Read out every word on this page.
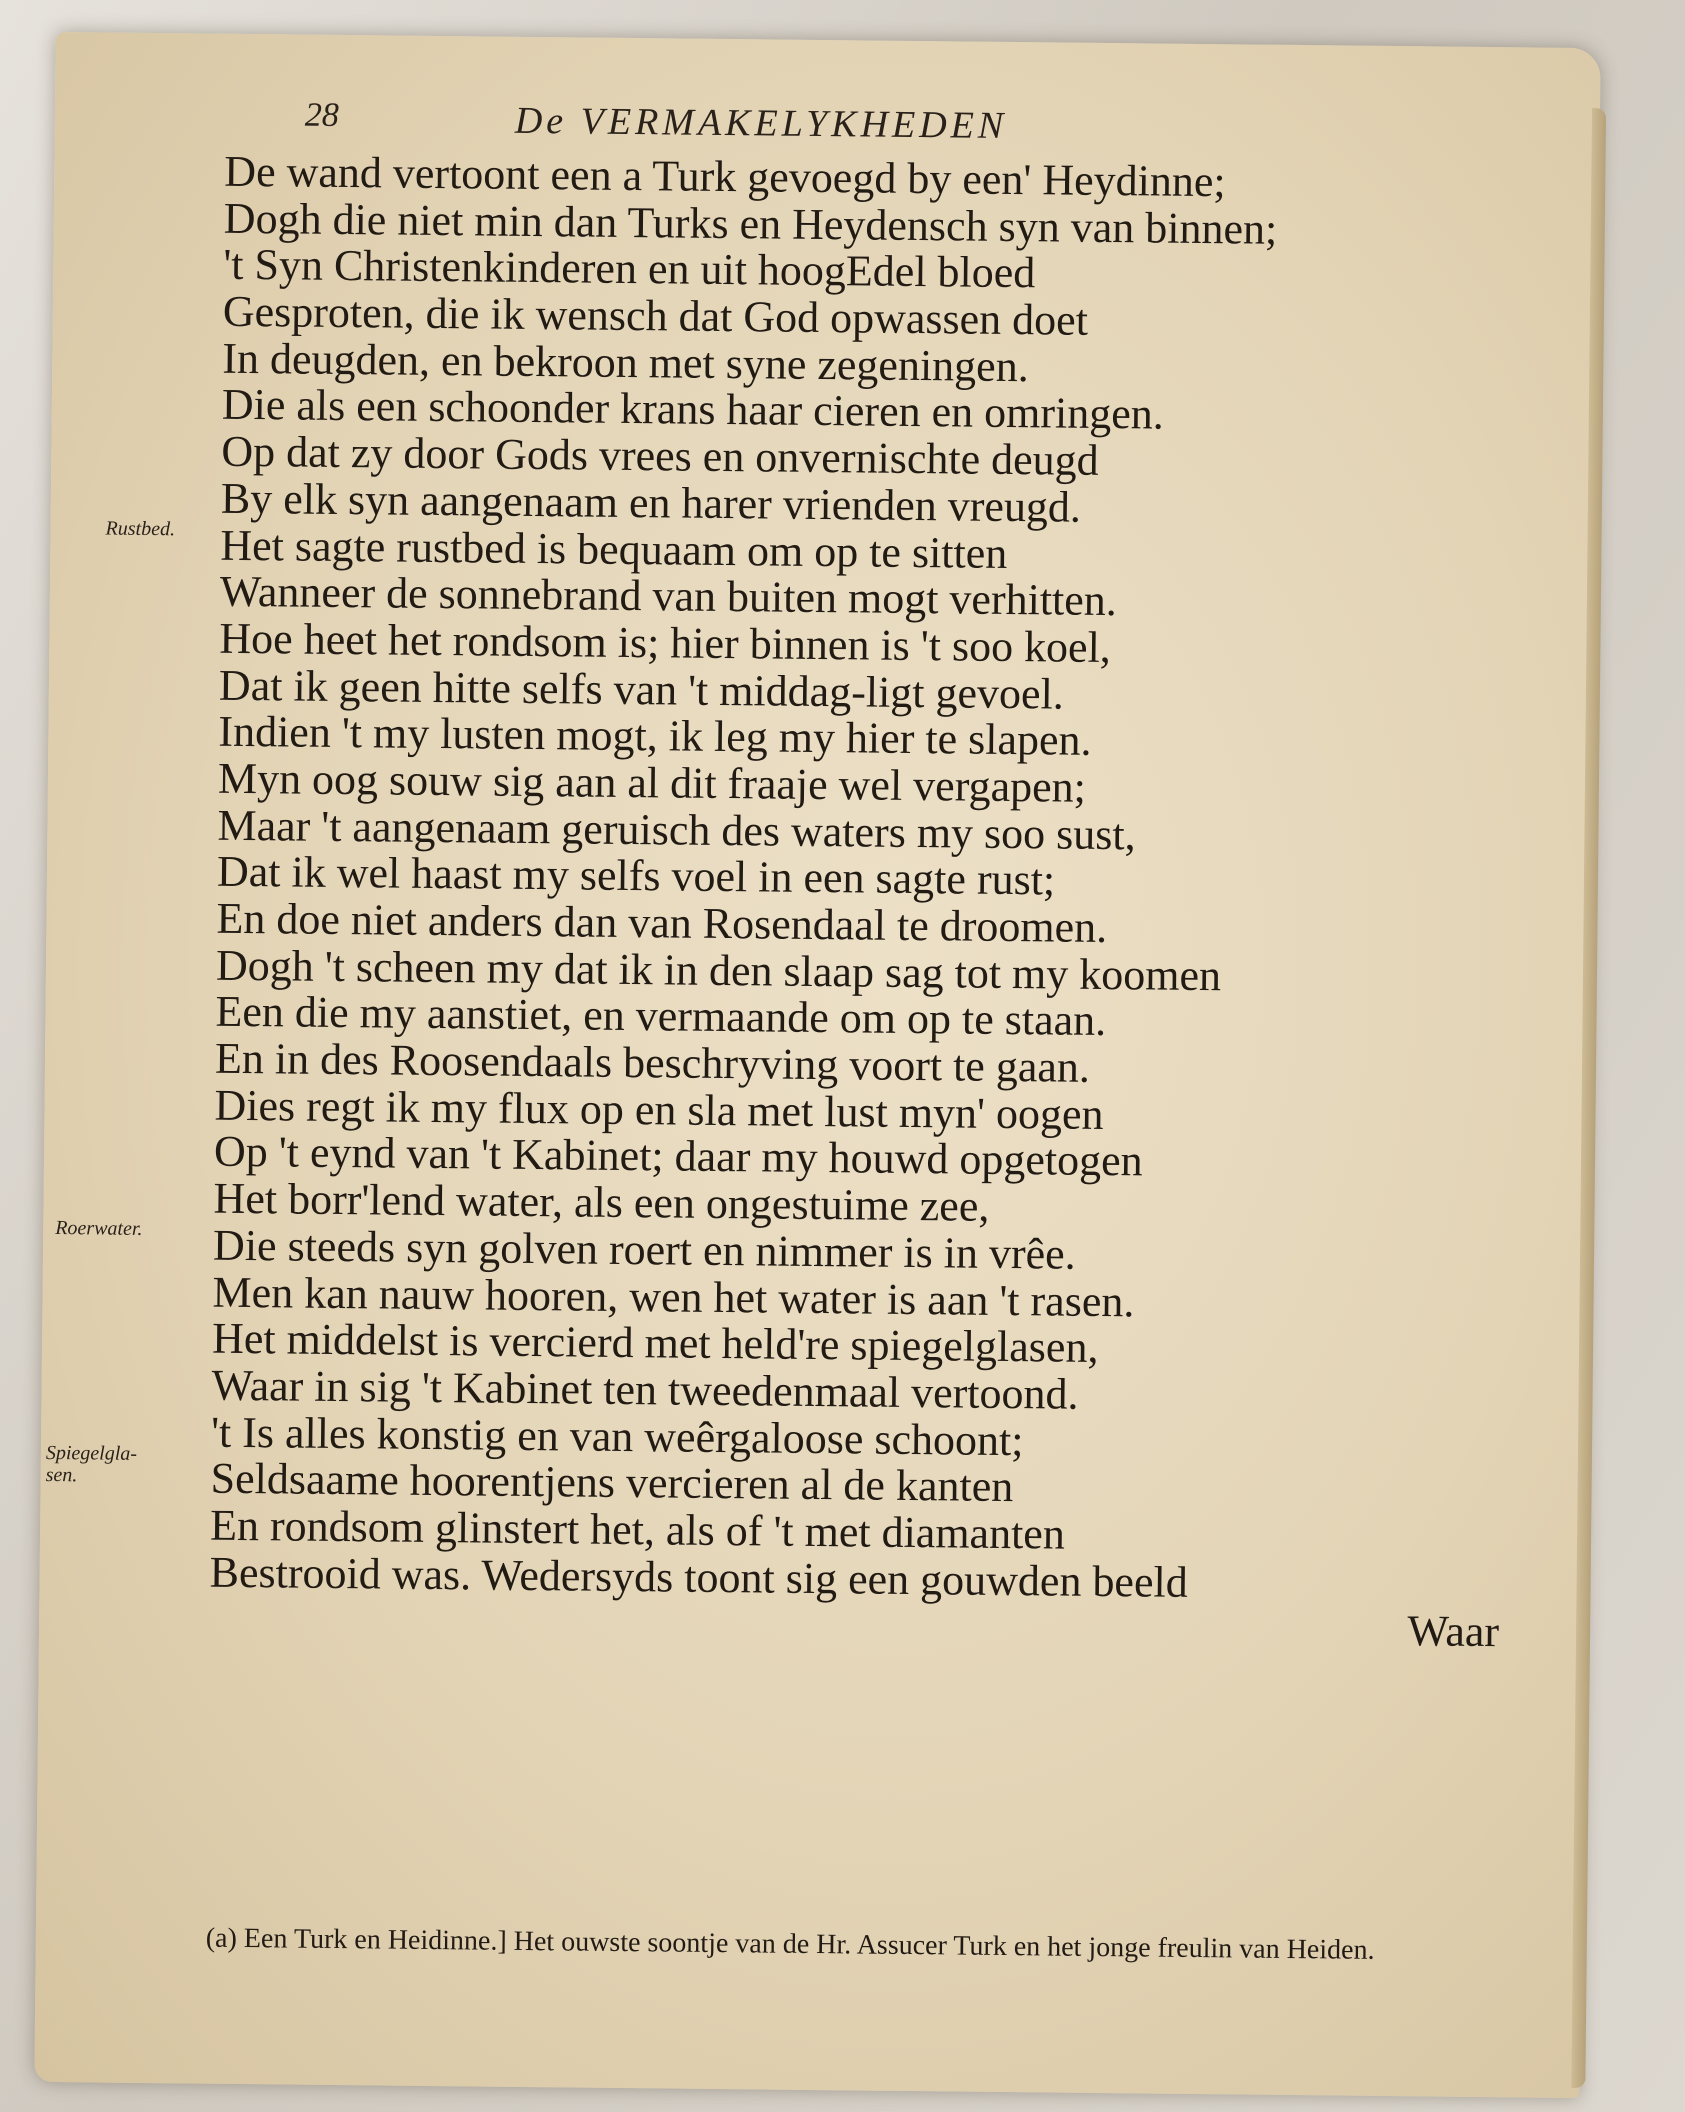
28	De VERMAKELYKHEDEN
Rustbed.
Roerwater.
Spiegelgla-
sen.
De wand vertoont een a Turk gevoegd by een' Heydinne;
Dogh die niet min dan Turks en Heydensch syn van binnen;
't Syn Christenkinderen en uit hoogEdel bloed
Gesproten, die ik wensch dat God opwassen doet
In deugden, en bekroon met syne zegeningen.
Die als een schoonder krans haar cieren en omringen.
Op dat zy door Gods vrees en onvernischte deugd
By elk syn aangenaam en harer vrienden vreugd.
Het sagte rustbed is bequaam om op te sitten
Wanneer de sonnebrand van buiten mogt verhitten.
Hoe heet het rondsom is; hier binnen is 't soo koel,
Dat ik geen hitte selfs van 't middag-ligt gevoel.
Indien 't my lusten mogt, ik leg my hier te slapen.
Myn oog souw sig aan al dit fraaje wel vergapen;
Maar 't aangenaam geruisch des waters my soo sust,
Dat ik wel haast my selfs voel in een sagte rust;
En doe niet anders dan van Rosendaal te droomen.
Dogh 't scheen my dat ik in den slaap sag tot my koomen
Een die my aanstiet, en vermaande om op te staan.
En in des Roosendaals beschryving voort te gaan.
Dies regt ik my flux op en sla met lust myn' oogen
Op 't eynd van 't Kabinet; daar my houwd opgetogen
Het borr'lend water, als een ongestuime zee,
Die steeds syn golven roert en nimmer is in vrêe.
Men kan nauw hooren, wen het water is aan 't rasen.
Het middelst is vercierd met held're spiegelglasen,
Waar in sig 't Kabinet ten tweedenmaal vertoond.
't Is alles konstig en van weêrgaloose schoont;
Seldsaame hoorentjens vercieren al de kanten
En rondsom glinstert het, als of 't met diamanten
Bestrooid was. Wedersyds toont sig een gouwden beeld
Waar
(a) Een Turk en Heidinne.] Het ouwste soontje van de Hr. Assucer Turk en het jonge freulin van Heiden.
